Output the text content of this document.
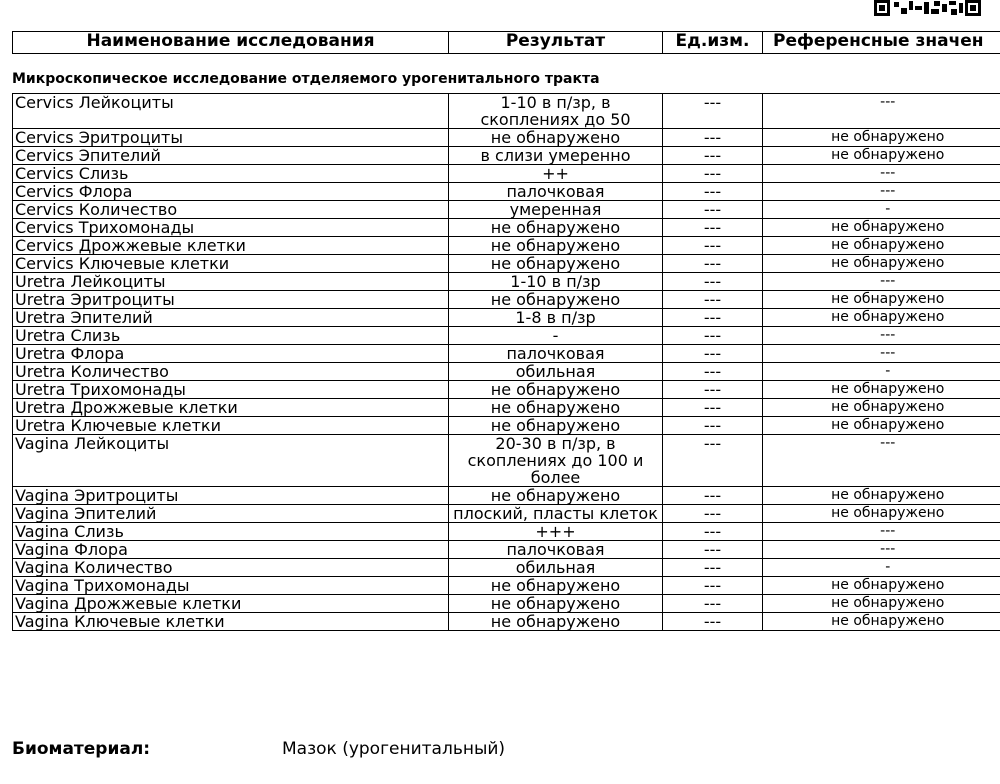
Наименование исследования	Результат	Ед.изм.	Референсные значен
Микроскопическое исследование отделяемого урогенитального тракта
Cervics Лейкоциты	1-10 в п/зр, в скоплениях до 50	---	---
Cervics Эритроциты	не обнаружено	---	не обнаружено
Cervics Эпителий	в слизи умеренно	---	не обнаружено
Cervics Слизь	++	---	---
Cervics Флора	палочковая	---	---
Cervics Количество	умеренная	---	-
Cervics Трихомонады	не обнаружено	---	не обнаружено
Cervics Дрожжевые клетки	не обнаружено	---	не обнаружено
Cervics Ключевые клетки	не обнаружено	---	не обнаружено
Uretra Лейкоциты	1-10 в п/зр	---	---
Uretra Эритроциты	не обнаружено	---	не обнаружено
Uretra Эпителий	1-8 в п/зр	---	не обнаружено
Uretra Слизь	-	---	---
Uretra Флора	палочковая	---	---
Uretra Количество	обильная	---	-
Uretra Трихомонады	не обнаружено	---	не обнаружено
Uretra Дрожжевые клетки	не обнаружено	---	не обнаружено
Uretra Ключевые клетки	не обнаружено	---	не обнаружено
Vagina Лейкоциты	20-30 в п/зр, в скоплениях до 100 и более	---	---
Vagina Эритроциты	не обнаружено	---	не обнаружено
Vagina Эпителий	плоский, пласты клеток	---	не обнаружено
Vagina Слизь	+++	---	---
Vagina Флора	палочковая	---	---
Vagina Количество	обильная	---	-
Vagina Трихомонады	не обнаружено	---	не обнаружено
Vagina Дрожжевые клетки	не обнаружено	---	не обнаружено
Vagina Ключевые клетки	не обнаружено	---	не обнаружено
Биоматериал:	Мазок (урогенитальный)
